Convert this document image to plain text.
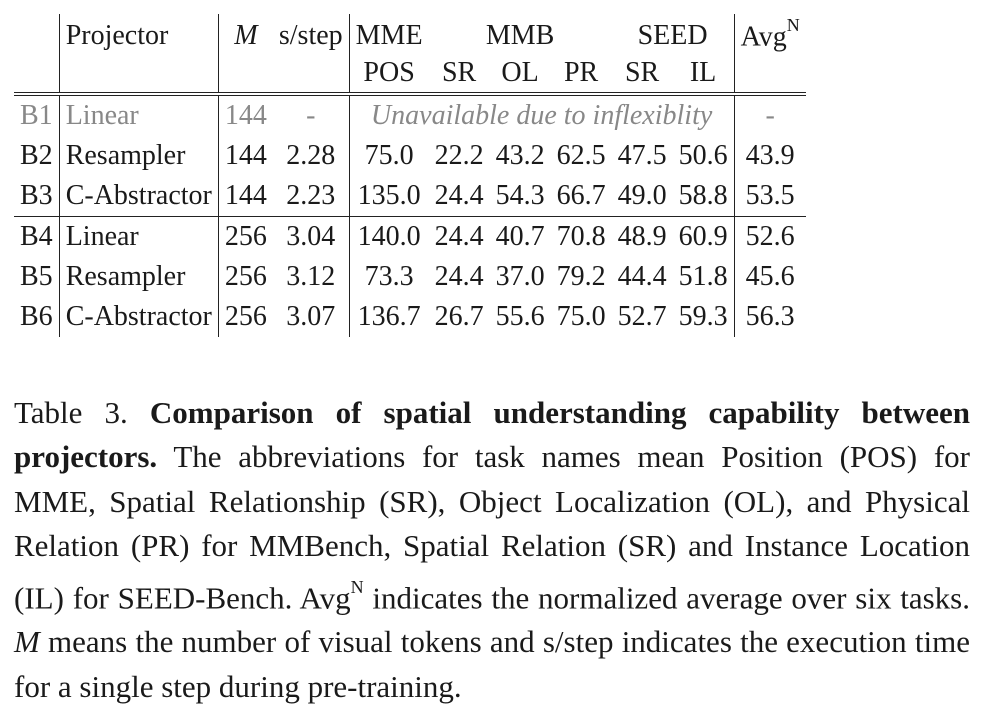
	Projector	M	s/step	MME	MMB			SEED		Avg$^N$
				POS	SR	OL	PR	SR	IL	
B1	Linear	144	-	Unavailable due to inflexiblity						-
B2	Resampler	144	2.28	75.0	22.2	43.2	62.5	47.5	50.6	43.9
B3	C-Abstractor	144	2.23	135.0	24.4	54.3	66.7	49.0	58.8	53.5
B4	Linear	256	3.04	140.0	24.4	40.7	70.8	48.9	60.9	52.6
B5	Resampler	256	3.12	73.3	24.4	37.0	79.2	44.4	51.8	45.6
B6	C-Abstractor	256	3.07	136.7	26.7	55.6	75.0	52.7	59.3	56.3

Table 3. Comparison of spatial understanding capability between projectors. The abbreviations for task names mean Position (POS) for MME, Spatial Relationship (SR), Object Localization (OL), and Physical Relation (PR) for MMBench, Spatial Relation (SR) and Instance Location (IL) for SEED-Bench. Avg$^N$ indicates the normalized average over six tasks. M means the number of visual tokens and s/step indicates the execution time for a single step during pre-training.
